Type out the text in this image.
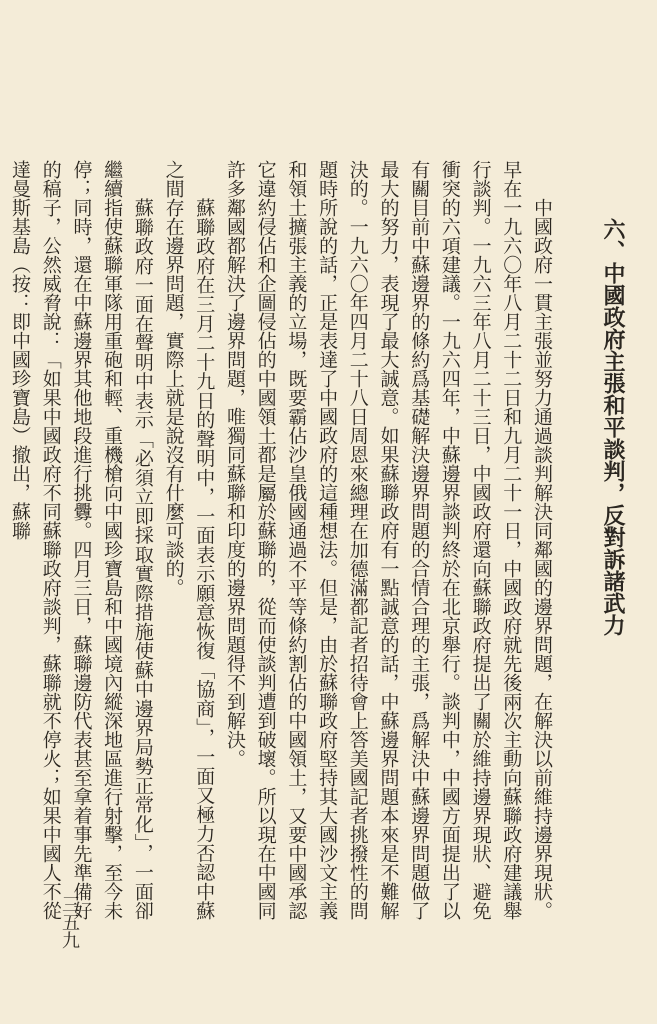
六、中國政府主張和平談判，反對訴諸武力

中國政府一貫主張並努力通過談判解決同鄰國的邊界問題，在解決以前維持邊界現狀。早在一九六〇年八月二十二日和九月二十一日，中國政府就先後兩次主動向蘇聯政府建議舉行談判。一九六三年八月二十三日，中國政府還向蘇聯政府提出了關於維持邊界現狀、避免衝突的六項建議。一九六四年，中蘇邊界談判終於在北京舉行。談判中，中國方面提出了以有關目前中蘇邊界的條約爲基礎解決邊界問題的合情合理的主張，爲解決中蘇邊界問題做了最大的努力，表現了最大誠意。如果蘇聯政府有一點誠意的話，中蘇邊界問題本來是不難解決的。一九六〇年四月二十八日周恩來總理在加德滿都記者招待會上答美國記者挑撥性的問題時所說的話，正是表達了中國政府的這種想法。但是，由於蘇聯政府堅持其大國沙文主義和領土擴張主義的立場，既要霸佔沙皇俄國通過不平等條約割佔的中國領土，又要中國承認它違約侵佔和企圖侵佔的中國領土都是屬於蘇聯的，從而使談判遭到破壞。所以現在中國同許多鄰國都解決了邊界問題，唯獨同蘇聯和印度的邊界問題得不到解決。

蘇聯政府在三月二十九日的聲明中，一面表示願意恢復「協商」，一面又極力否認中蘇之間存在邊界問題，實際上就是說沒有什麼可談的。

蘇聯政府一面在聲明中表示「必須立即採取實際措施使蘇中邊界局勢正常化」，一面卻繼續指使蘇聯軍隊用重砲和輕、重機槍向中國珍寶島和中國境內縱深地區進行射擊，至今未停；同時，還在中蘇邊界其他地段進行挑釁。四月三日，蘇聯邊防代表甚至拿着事先準備好的稿子，公然威脅說：「如果中國政府不同蘇聯政府談判，蘇聯就不停火；如果中國人不從達曼斯基島（按：即中國珍寶島）撤出，蘇聯

三五九
